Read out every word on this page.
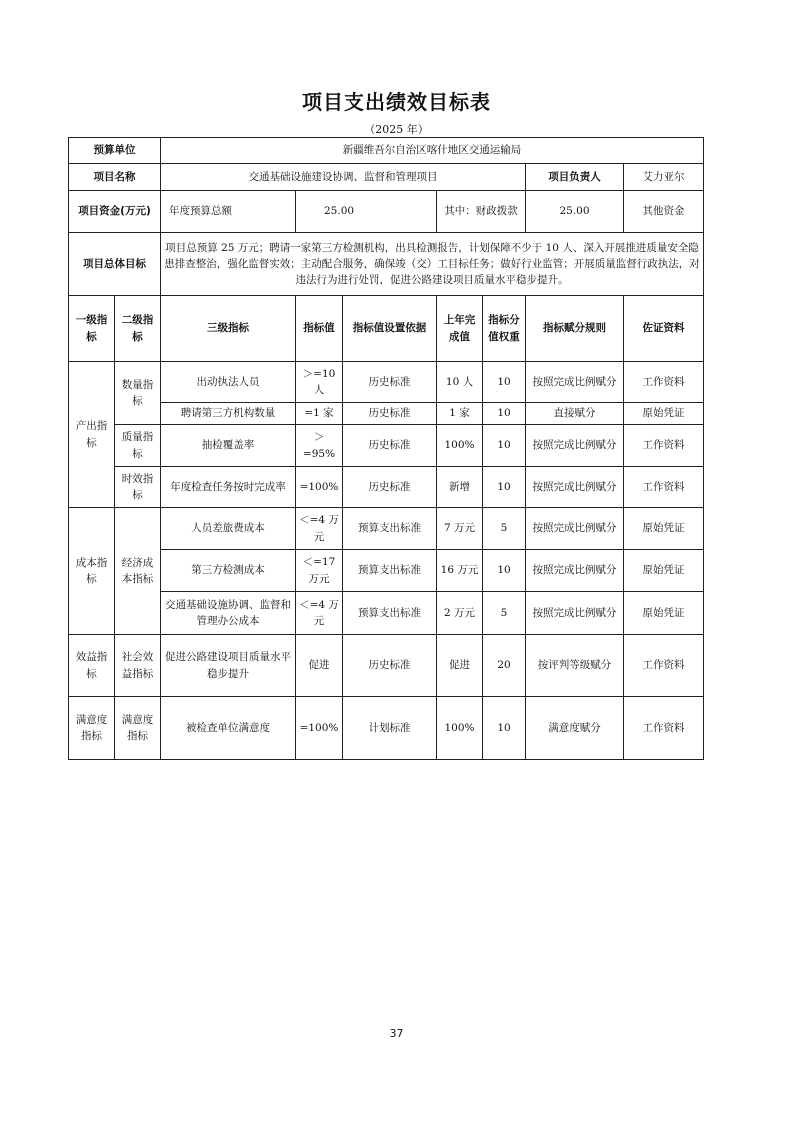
项目支出绩效目标表
（2025 年）
预算单位		新疆维吾尔自治区喀什地区交通运输局							
项目名称		交通基础设施建设协调、监督和管理项目					项目负责人	艾力亚尔	
项目资金(万元)		年度预算总额	25.00		其中：财政拨款		25.00	其他资金	
项目总体目标		项目总预算 25 万元；聘请一家第三方检测机构，出具检测报告，计划保障不少于 10 人、深入开展推进质量安全隐患排查整治，强化监督实效；主动配合服务，确保竣（交）工目标任务；做好行业监管；开展质量监督行政执法，对违法行为进行处罚，促进公路建设项目质量水平稳步提升。							
一级指标	二级指标	三级指标	指标值	指标值设置依据	上年完成值	指标分值权重	指标赋分规则	佐证资料	
产出指标	数量指标	出动执法人员	＞=10 人	历史标准	10 人	10	按照完成比例赋分	工作资料	
		聘请第三方机构数量	=1 家	历史标准	1 家	10	直接赋分	原始凭证	
	质量指标	抽检覆盖率	＞ =95%	历史标准	100%	10	按照完成比例赋分	工作资料	
	时效指标	年度检查任务按时完成率	=100%	历史标准	新增	10	按照完成比例赋分	工作资料	
成本指标	经济成本指标	人员差旅费成本	＜=4 万元	预算支出标准	7 万元	5	按照完成比例赋分	原始凭证	
		第三方检测成本	＜=17 万元	预算支出标准	16 万元	10	按照完成比例赋分	原始凭证	
		交通基础设施协调、监督和管理办公成本	＜=4 万元	预算支出标准	2 万元	5	按照完成比例赋分	原始凭证	
效益指标	社会效益指标	促进公路建设项目质量水平稳步提升	促进	历史标准	促进	20	按评判等级赋分	工作资料	
满意度指标	满意度指标	被检查单位满意度	=100%	计划标准	100%	10	满意度赋分	工作资料	
37
